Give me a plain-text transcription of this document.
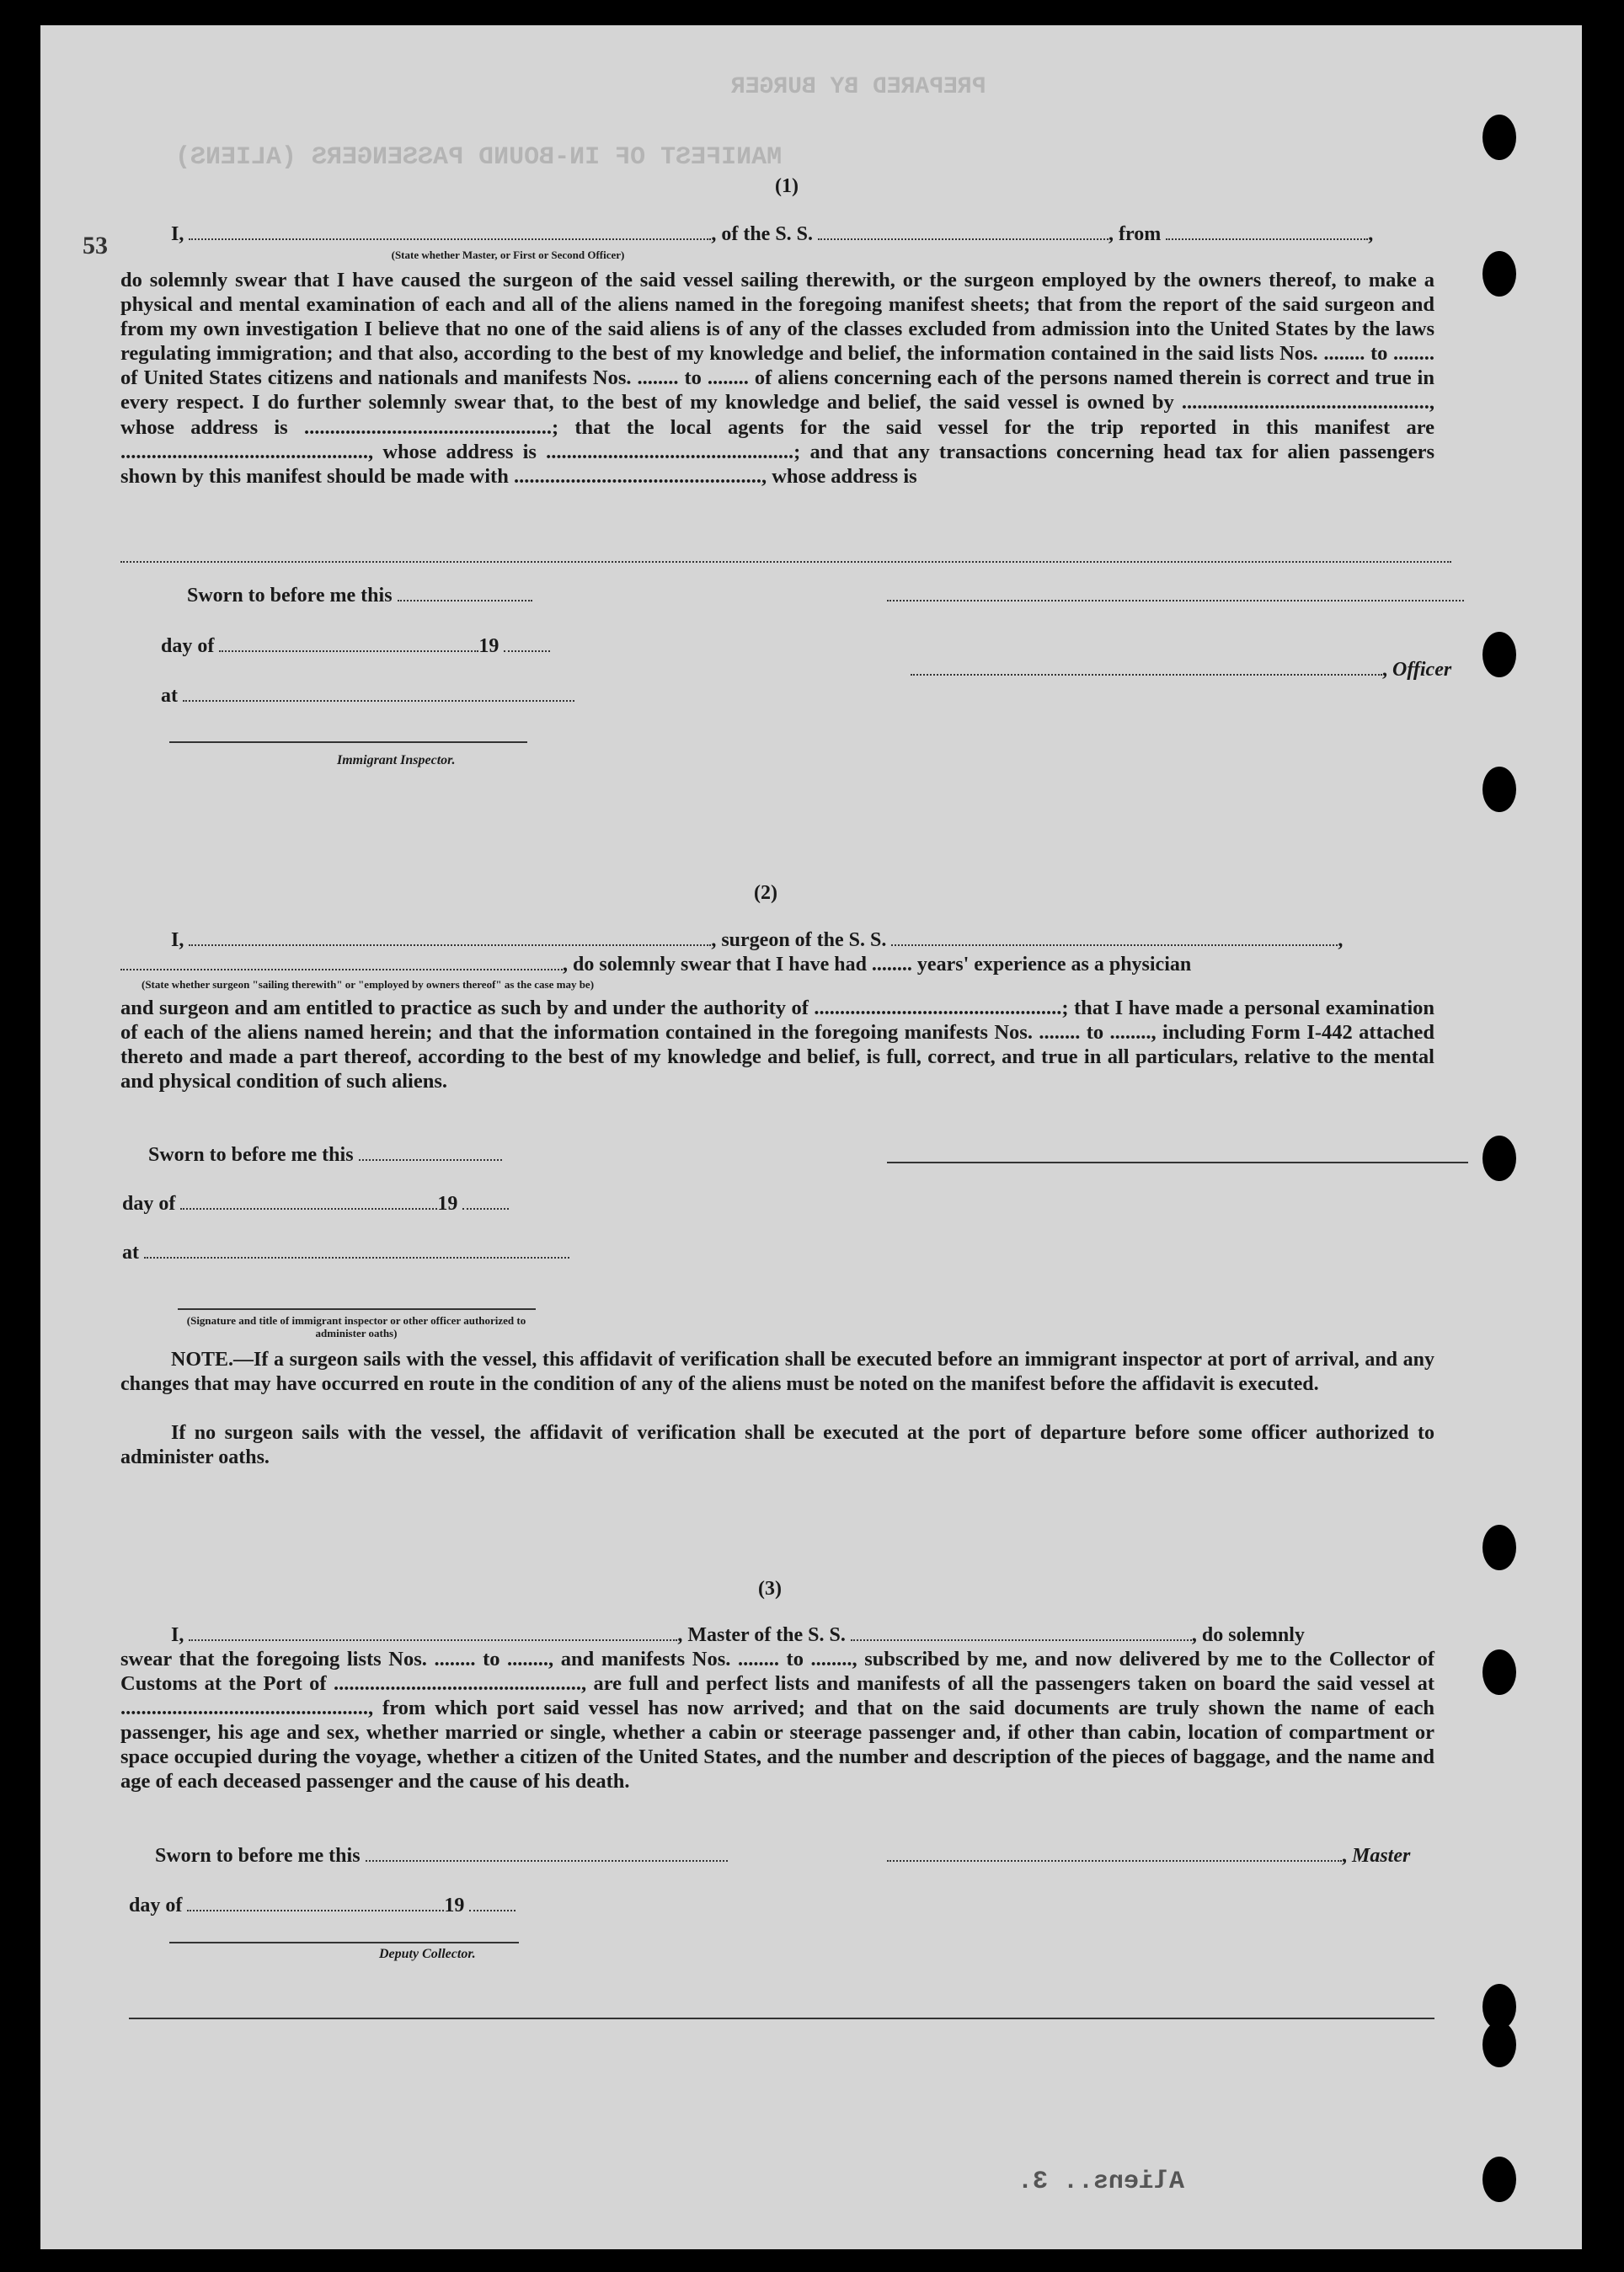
MANIFEST OF IN-BOUND PASSENGERS (ALIENS)
PREPARED BY BURGER
53
(1)
I,	, of the S. S.	, from	,
(State whether Master, or First or Second Officer)

do solemnly swear that I have caused the surgeon of the said vessel sailing therewith, or the surgeon employed by the owners thereof, to make a physical and mental examination of each and all of the aliens named in the foregoing manifest sheets; that from the report of the said surgeon and from my own investigation I believe that no one of the said aliens is of any of the classes excluded from admission into the United States by the laws regulating immigration; and that also, according to the best of my knowledge and belief, the information contained in the said lists Nos. ........ to ........ of United States citizens and nationals and manifests Nos. ........ to ........ of aliens concerning each of the persons named therein is correct and true in every respect. I do further solemnly swear that, to the best of my knowledge and belief, the said vessel is owned by ................................................, whose address is ................................................; that the local agents for the said vessel for the trip reported in this manifest are ................................................, whose address is ................................................; and that any transactions concerning head tax for alien passengers shown by this manifest should be made with ................................................, whose address is

Sworn to before me this
day of	19
, Officer
at
Immigrant Inspector.
(2)
I,	, surgeon of the S. S.	,
, do solemnly swear that I have had ........ years' experience as a physician
(State whether surgeon "sailing therewith" or "employed by owners thereof" as the case may be)

and surgeon and am entitled to practice as such by and under the authority of ................................................; that I have made a personal examination of each of the aliens named herein; and that the information contained in the foregoing manifests Nos. ........ to ........, including Form I-442 attached thereto and made a part thereof, according to the best of my knowledge and belief, is full, correct, and true in all particulars, relative to the mental and physical condition of such aliens.

Sworn to before me this
day of	19
at
(Signature and title of immigrant inspector or other officer authorized to administer oaths)

NOTE.—If a surgeon sails with the vessel, this affidavit of verification shall be executed before an immigrant inspector at port of arrival, and any changes that may have occurred en route in the condition of any of the aliens must be noted on the manifest before the affidavit is executed.

If no surgeon sails with the vessel, the affidavit of verification shall be executed at the port of departure before some officer authorized to administer oaths.

(3)
I,	, Master of the S. S.	, do solemnly

swear that the foregoing lists Nos. ........ to ........, and manifests Nos. ........ to ........, subscribed by me, and now delivered by me to the Collector of Customs at the Port of ................................................, are full and perfect lists and manifests of all the passengers taken on board the said vessel at ................................................, from which port said vessel has now arrived; and that on the said documents are truly shown the name of each passenger, his age and sex, whether married or single, whether a cabin or steerage passenger and, if other than cabin, location of compartment or space occupied during the voyage, whether a citizen of the United States, and the number and description of the pieces of baggage, and the name and age of each deceased passenger and the cause of his death.

Sworn to before me this	, Master
day of	19
Deputy Collector.
Aliens.. 3.
